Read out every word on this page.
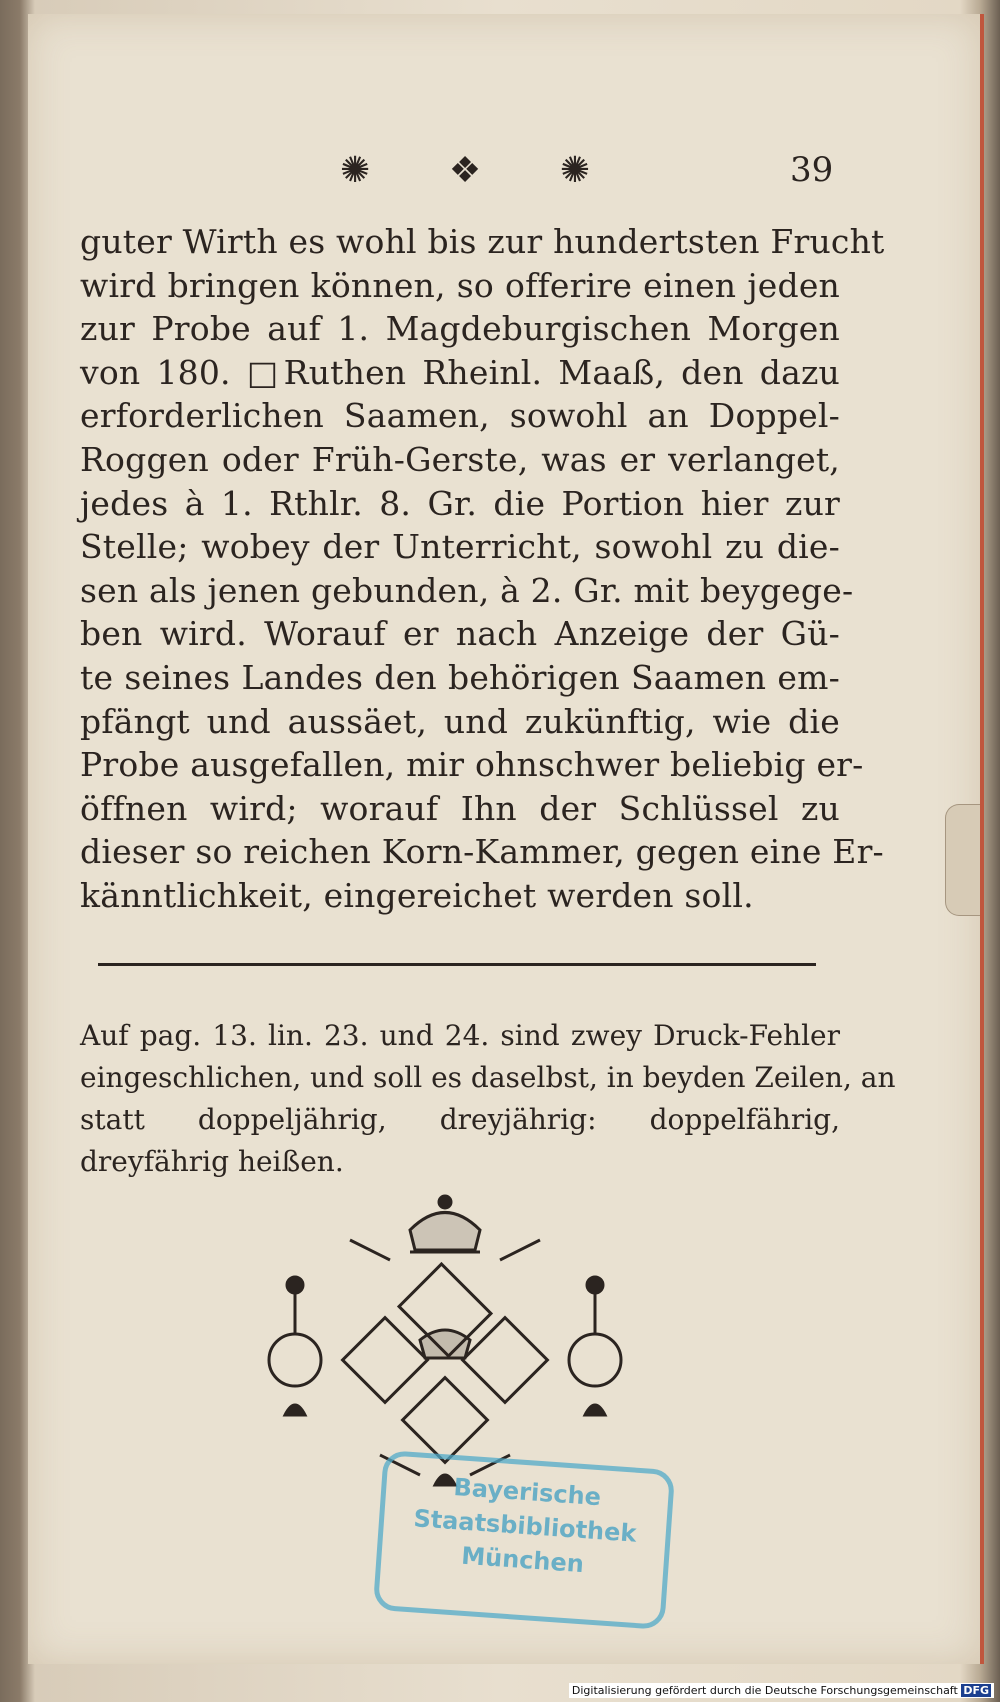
✺ ❖ ✺	39
guter Wirth es wohl bis zur hundertsten Frucht
wird bringen können, so offerire einen jeden
zur Probe auf 1. Magdeburgischen Morgen
von 180. □Ruthen Rheinl. Maaß, den dazu
erforderlichen Saamen, sowohl an Doppel-
Roggen oder Früh-Gerste, was er verlanget,
jedes à 1. Rthlr. 8. Gr. die Portion hier zur
Stelle; wobey der Unterricht, sowohl zu die-
sen als jenen gebunden, à 2. Gr. mit beygege-
ben wird. Worauf er nach Anzeige der Gü-
te seines Landes den behörigen Saamen em-
pfängt und aussäet, und zukünftig, wie die
Probe ausgefallen, mir ohnschwer beliebig er-
öffnen wird; worauf Ihn der Schlüssel zu
dieser so reichen Korn-Kammer, gegen eine Er-
känntlichkeit, eingereichet werden soll.
Auf pag. 13. lin. 23. und 24. sind zwey Druck-Fehler
eingeschlichen, und soll es daselbst, in beyden Zeilen, an
statt doppeljährig, dreyjährig: doppelfährig,
dreyfährig heißen.
Bayerische
Staatsbibliothek
München
Digitalisierung gefördert durch die Deutsche Forschungsgemeinschaft DFG
